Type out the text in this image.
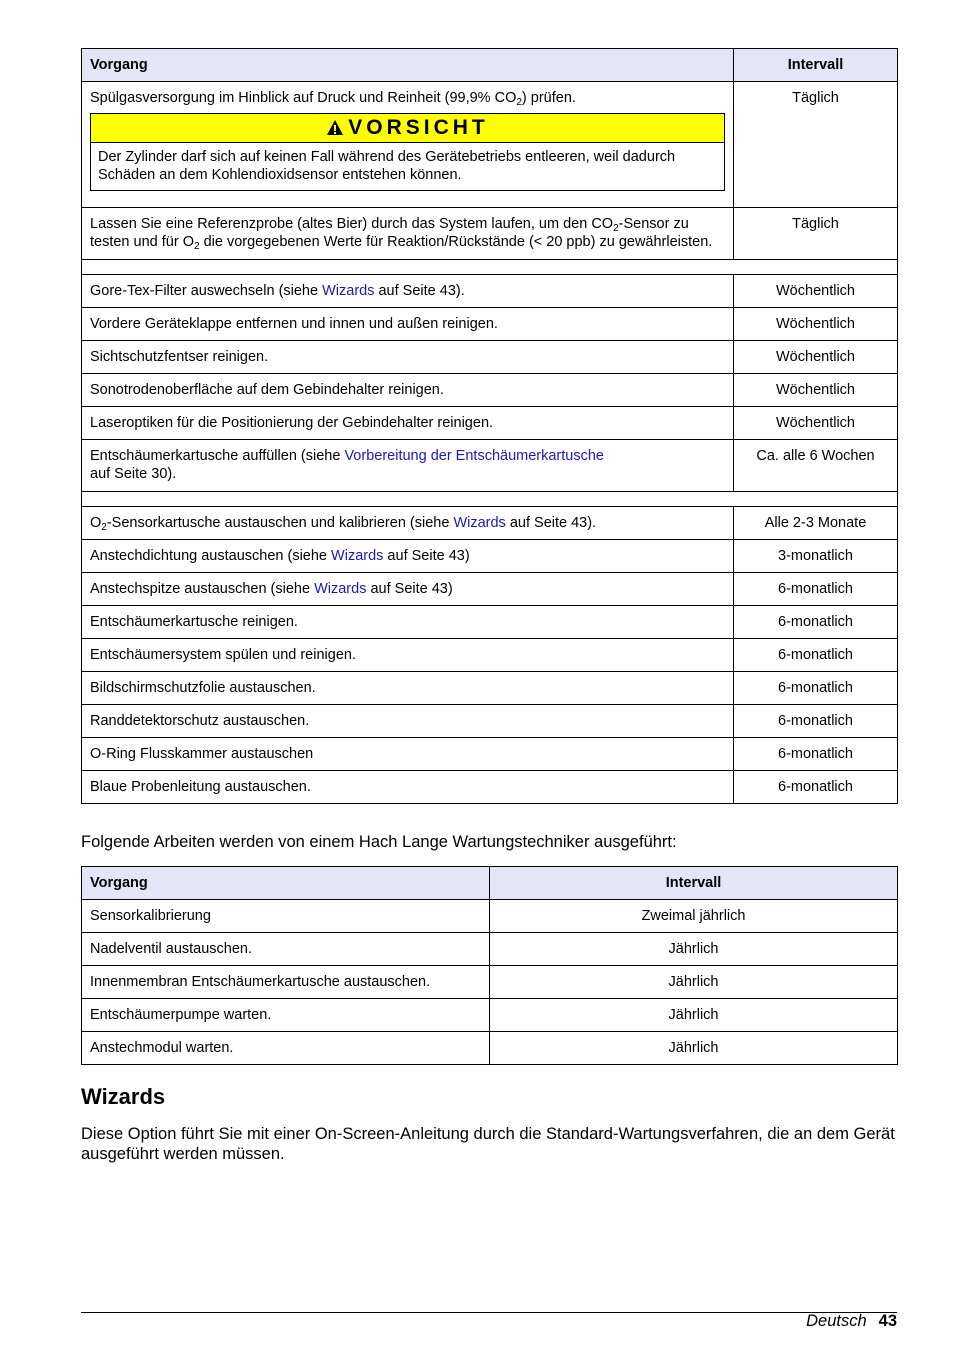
Vorgang	Intervall
Spülgasversorgung im Hinblick auf Druck und Reinheit (99,9% $CO_2$) prüfen.
VORSICHT
Der Zylinder darf sich auf keinen Fall während des Gerätebetriebs entleeren, weil dadurch Schäden an dem Kohlendioxidsensor entstehen können.	Täglich
Lassen Sie eine Referenzprobe (altes Bier) durch das System laufen, um den $CO_2$-Sensor zu testen und für $O_2$ die vorgegebenen Werte für Reaktion/Rückstände (< 20 ppb) zu gewährleisten.	Täglich

Gore-Tex-Filter auswechseln (siehe Wizards auf Seite 43).	Wöchentlich
Vordere Geräteklappe entfernen und innen und außen reinigen.	Wöchentlich
Sichtschutzfentser reinigen.	Wöchentlich
Sonotrodenoberfläche auf dem Gebindehalter reinigen.	Wöchentlich
Laseroptiken für die Positionierung der Gebindehalter reinigen.	Wöchentlich
Entschäumerkartusche auffüllen (siehe Vorbereitung der Entschäumerkartusche
auf Seite 30).	Ca. alle 6 Wochen

$O_2$-Sensorkartusche austauschen und kalibrieren (siehe Wizards auf Seite 43).	Alle 2-3 Monate
Anstechdichtung austauschen (siehe Wizards auf Seite 43)	3-monatlich
Anstechspitze austauschen (siehe Wizards auf Seite 43)	6-monatlich
Entschäumerkartusche reinigen.	6-monatlich
Entschäumersystem spülen und reinigen.	6-monatlich
Bildschirmschutzfolie austauschen.	6-monatlich
Randdetektorschutz austauschen.	6-monatlich
O-Ring Flusskammer austauschen	6-monatlich
Blaue Probenleitung austauschen.	6-monatlich

Folgende Arbeiten werden von einem Hach Lange Wartungstechniker ausgeführt:

Vorgang	Intervall
Sensorkalibrierung	Zweimal jährlich
Nadelventil austauschen.	Jährlich
Innenmembran Entschäumerkartusche austauschen.	Jährlich
Entschäumerpumpe warten.	Jährlich
Anstechmodul warten.	Jährlich
Wizards

Diese Option führt Sie mit einer On-Screen-Anleitung durch die Standard-Wartungsverfahren, die an dem Gerät ausgeführt werden müssen.

Deutsch 43
